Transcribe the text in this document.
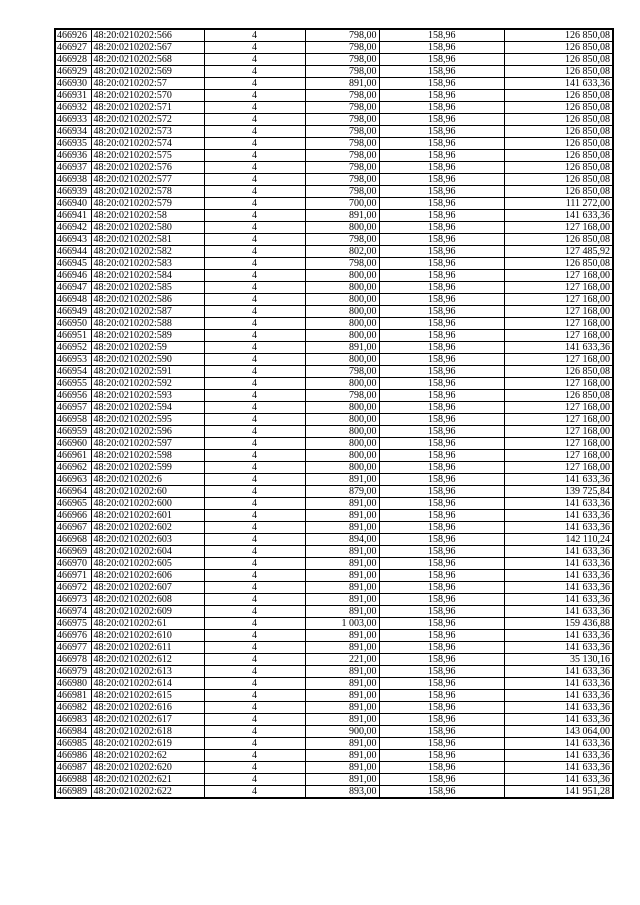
466926	48:20:0210202:566	4	798,00	158,96	126 850,08
466927	48:20:0210202:567	4	798,00	158,96	126 850,08
466928	48:20:0210202:568	4	798,00	158,96	126 850,08
466929	48:20:0210202:569	4	798,00	158,96	126 850,08
466930	48:20:0210202:57	4	891,00	158,96	141 633,36
466931	48:20:0210202:570	4	798,00	158,96	126 850,08
466932	48:20:0210202:571	4	798,00	158,96	126 850,08
466933	48:20:0210202:572	4	798,00	158,96	126 850,08
466934	48:20:0210202:573	4	798,00	158,96	126 850,08
466935	48:20:0210202:574	4	798,00	158,96	126 850,08
466936	48:20:0210202:575	4	798,00	158,96	126 850,08
466937	48:20:0210202:576	4	798,00	158,96	126 850,08
466938	48:20:0210202:577	4	798,00	158,96	126 850,08
466939	48:20:0210202:578	4	798,00	158,96	126 850,08
466940	48:20:0210202:579	4	700,00	158,96	111 272,00
466941	48:20:0210202:58	4	891,00	158,96	141 633,36
466942	48:20:0210202:580	4	800,00	158,96	127 168,00
466943	48:20:0210202:581	4	798,00	158,96	126 850,08
466944	48:20:0210202:582	4	802,00	158,96	127 485,92
466945	48:20:0210202:583	4	798,00	158,96	126 850,08
466946	48:20:0210202:584	4	800,00	158,96	127 168,00
466947	48:20:0210202:585	4	800,00	158,96	127 168,00
466948	48:20:0210202:586	4	800,00	158,96	127 168,00
466949	48:20:0210202:587	4	800,00	158,96	127 168,00
466950	48:20:0210202:588	4	800,00	158,96	127 168,00
466951	48:20:0210202:589	4	800,00	158,96	127 168,00
466952	48:20:0210202:59	4	891,00	158,96	141 633,36
466953	48:20:0210202:590	4	800,00	158,96	127 168,00
466954	48:20:0210202:591	4	798,00	158,96	126 850,08
466955	48:20:0210202:592	4	800,00	158,96	127 168,00
466956	48:20:0210202:593	4	798,00	158,96	126 850,08
466957	48:20:0210202:594	4	800,00	158,96	127 168,00
466958	48:20:0210202:595	4	800,00	158,96	127 168,00
466959	48:20:0210202:596	4	800,00	158,96	127 168,00
466960	48:20:0210202:597	4	800,00	158,96	127 168,00
466961	48:20:0210202:598	4	800,00	158,96	127 168,00
466962	48:20:0210202:599	4	800,00	158,96	127 168,00
466963	48:20:0210202:6	4	891,00	158,96	141 633,36
466964	48:20:0210202:60	4	879,00	158,96	139 725,84
466965	48:20:0210202:600	4	891,00	158,96	141 633,36
466966	48:20:0210202:601	4	891,00	158,96	141 633,36
466967	48:20:0210202:602	4	891,00	158,96	141 633,36
466968	48:20:0210202:603	4	894,00	158,96	142 110,24
466969	48:20:0210202:604	4	891,00	158,96	141 633,36
466970	48:20:0210202:605	4	891,00	158,96	141 633,36
466971	48:20:0210202:606	4	891,00	158,96	141 633,36
466972	48:20:0210202:607	4	891,00	158,96	141 633,36
466973	48:20:0210202:608	4	891,00	158,96	141 633,36
466974	48:20:0210202:609	4	891,00	158,96	141 633,36
466975	48:20:0210202:61	4	1 003,00	158,96	159 436,88
466976	48:20:0210202:610	4	891,00	158,96	141 633,36
466977	48:20:0210202:611	4	891,00	158,96	141 633,36
466978	48:20:0210202:612	4	221,00	158,96	35 130,16
466979	48:20:0210202:613	4	891,00	158,96	141 633,36
466980	48:20:0210202:614	4	891,00	158,96	141 633,36
466981	48:20:0210202:615	4	891,00	158,96	141 633,36
466982	48:20:0210202:616	4	891,00	158,96	141 633,36
466983	48:20:0210202:617	4	891,00	158,96	141 633,36
466984	48:20:0210202:618	4	900,00	158,96	143 064,00
466985	48:20:0210202:619	4	891,00	158,96	141 633,36
466986	48:20:0210202:62	4	891,00	158,96	141 633,36
466987	48:20:0210202:620	4	891,00	158,96	141 633,36
466988	48:20:0210202:621	4	891,00	158,96	141 633,36
466989	48:20:0210202:622	4	893,00	158,96	141 951,28
